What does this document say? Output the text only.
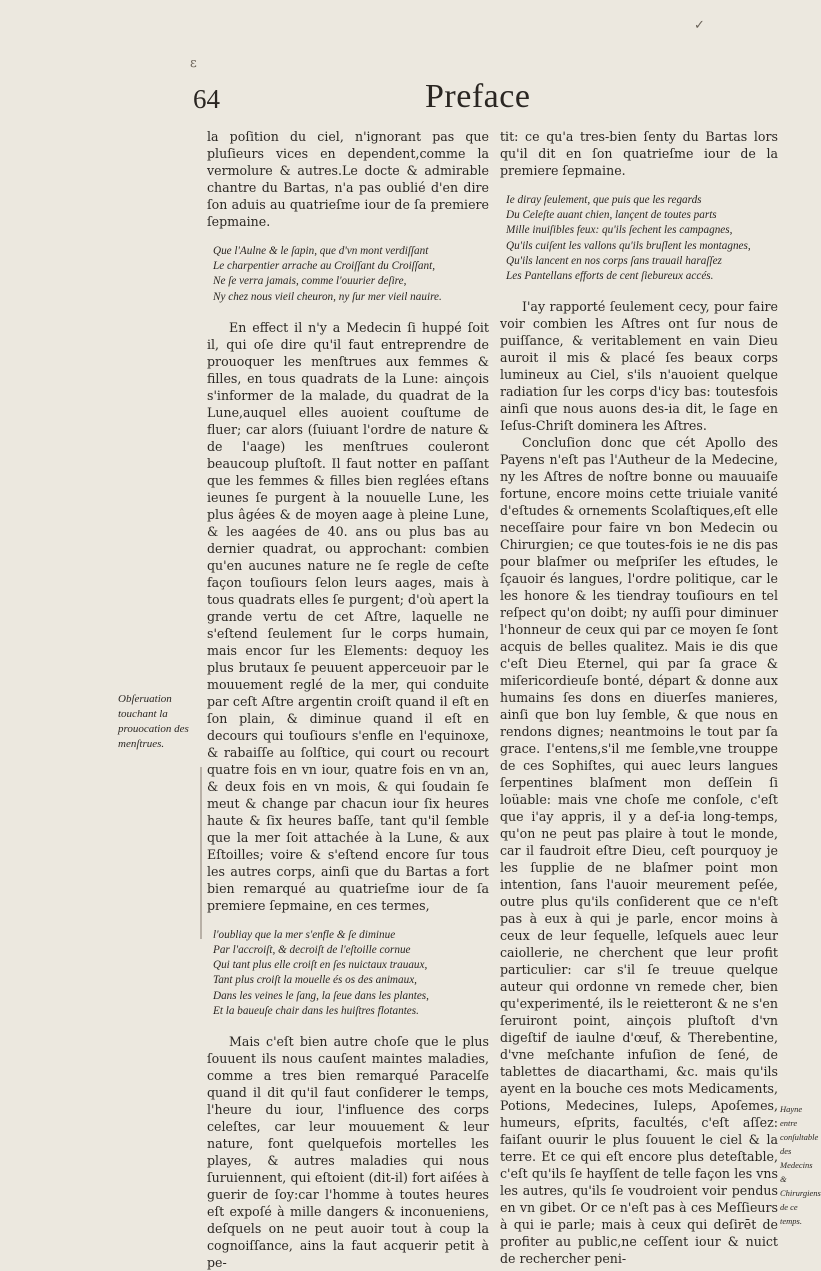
✓
ε
64	Preface

la poſition du ciel, n'ignorant pas que pluſieurs vices en dependent,comme la vermolure & autres.Le docte & admirable chantre du Bartas, n'a pas oublié d'en dire ſon aduis au quatrieſme iour de ſa premiere ſepmaine.

Que l'Aulne & le ſapin, que d'vn mont verdiſſant
Le charpentier arrache au Croiſſant du Croiſſant,
Ne ſe verra jamais, comme l'ouurier deſire,
Ny chez nous vieil cheuron, ny ſur mer vieil nauire.

En effect il n'y a Medecin ſi huppé ſoit il, qui oſe dire qu'il faut entreprendre de prouoquer les menſtrues aux femmes & filles, en tous quadrats de la Lune: ainçois s'informer de la malade, du quadrat de la Lune,auquel elles auoient couſtume de fluer; car alors (ſuiuant l'ordre de nature & de l'aage) les menſtrues couleront beaucoup pluſtoſt. Il faut notter en paſſant que les femmes & filles bien reglées eſtans ieunes ſe purgent à la nouuelle Lune, les plus âgées & de moyen aage à pleine Lune, & les aagées de 40. ans ou plus bas au dernier quadrat, ou approchant: combien qu'en aucunes nature ne ſe regle de ceſte façon touſiours ſelon leurs aages, mais à tous quadrats elles ſe purgent; d'où apert la grande vertu de cet Aſtre, laquelle ne s'eſtend ſeulement ſur le corps humain, mais encor ſur les Elements: dequoy les plus brutaux ſe peuuent apperceuoir par le mouuement reglé de la mer, qui conduite par ceſt Aſtre argentin croiſt quand il eſt en ſon plain, & diminue quand il eſt en decours qui touſiours s'enfle en l'equinoxe, & rabaiſſe au ſolſtice, qui court ou recourt quatre fois en vn iour, quatre fois en vn an, & deux fois en vn mois, & qui ſoudain ſe meut & change par chacun iour ſix heures haute & ſix heures baſſe, tant qu'il ſemble que la mer ſoit attachée à la Lune, & aux Eſtoilles; voire & s'eſtend encore ſur tous les autres corps, ainſi que du Bartas a fort bien remarqué au quatrieſme iour de ſa premiere ſepmaine, en ces termes,

l'oubliay que la mer s'enfle & ſe diminue
Par l'accroiſt, & decroiſt de l'eſtoille cornue
Qui tant plus elle croiſt en ſes nuictaux trauaux,
Tant plus croiſt la mouelle és os des animaux,
Dans les veines le ſang, la ſeue dans les plantes,
Et la baueuſe chair dans les huiſtres flotantes.

Mais c'eſt bien autre choſe que le plus ſouuent ils nous cauſent maintes maladies, comme a tres bien remarqué Paracelſe quand il dit qu'il faut conſiderer le temps, l'heure du iour, l'influence des corps celeſtes, car leur mouuement & leur nature, font quelquefois mortelles les playes, & autres maladies qui nous ſuruiennent, qui eſtoient (dit-il) fort aiſées à guerir de ſoy:car l'homme à toutes heures eſt expoſé à mille dangers & inconueniens, deſquels on ne peut auoir tout à coup la cognoiſſance, ains la faut acquerir petit à pe-

tit: ce qu'a tres-bien ſenty du Bartas lors qu'il dit en ſon quatrieſme iour de la premiere ſepmaine.

Ie diray ſeulement, que puis que les regards
Du Celeſte auant chien, lançent de toutes parts
Mille inuiſibles feux: qu'ils ſechent les campagnes,
Qu'ils cuiſent les vallons qu'ils bruſlent les montagnes,
Qu'ils lancent en nos corps ſans trauail haraſſez
Les Pantellans efforts de cent ſiebureux accés.

I'ay rapporté ſeulement cecy, pour faire voir combien les Aſtres ont ſur nous de puiſſance, & veritablement en vain Dieu auroit il mis & placé ſes beaux corps lumineux au Ciel, s'ils n'auoient quelque radiation ſur les corps d'icy bas: toutesfois ainſi que nous auons des-ia dit, le ſage en Ieſus-Chriſt dominera les Aſtres.

Concluſion donc que cét Apollo des Payens n'eſt pas l'Autheur de la Medecine, ny les Aſtres de noſtre bonne ou mauuaiſe fortune, encore moins cette triuiale vanité d'eſtudes & ornements Scolaſtiques,eſt elle neceſſaire pour faire vn bon Medecin ou Chirurgien; ce que toutes-fois ie ne dis pas pour blaſmer ou meſpriſer les eſtudes, le ſçauoir és langues, l'ordre politique, car le les honore & les tiendray touſiours en tel reſpect qu'on doibt; ny auſſi pour diminuer l'honneur de ceux qui par ce moyen ſe ſont acquis de belles qualitez. Mais ie dis que c'eſt Dieu Eternel, qui par ſa grace & miſericordieuſe bonté, départ & donne aux humains ſes dons en diuerſes manieres, ainſi que bon luy ſemble, & que nous en rendons dignes; neantmoins le tout par ſa grace. I'entens,s'il me ſemble,vne trouppe de ces Sophiſtes, qui auec leurs langues ſerpentines blaſment mon deſſein ſi loüable: mais vne choſe me conſole, c'eſt que i'ay appris, il y a deſ-ia long-temps, qu'on ne peut pas plaire à tout le monde, car il faudroit eſtre Dieu, ceſt pourquoy je les ſupplie de ne blaſmer point mon intention, ſans l'auoir meurement peſée, outre plus qu'ils conſiderent que ce n'eſt pas à eux à qui je parle, encor moins à ceux de leur ſequelle, leſquels auec leur caiollerie, ne cherchent que leur profit particulier: car s'il ſe treuue quelque auteur qui ordonne vn remede cher, bien qu'experimenté, ils le reietteront & ne s'en ſeruiront point, ainçois pluſtoſt d'vn digeſtif de iaulne d'œuf, & Therebentine, d'vne meſchante infuſion de ſené, de tablettes de diacarthami, &c. mais qu'ils ayent en la bouche ces mots Medicaments, Potions, Medecines, Iuleps, Apoſemes, humeurs, eſprits, facultés, c'eſt aſſez: faiſant ouurir le plus ſouuent le ciel & la terre. Et ce qui eſt encore plus deteſtable, c'eſt qu'ils ſe hayſſent de telle façon les vns les autres, qu'ils ſe voudroient voir pendus en vn gibet. Or ce n'eſt pas à ces Meſſieurs à qui ie parle; mais à ceux qui deſirēt de profiter au public,ne ceſſent iour & nuict de rechercher peni-

Obſeruation touchant la prouocation des menſtrues.
Hayne entre conſultable des Medecins & Chirurgiens de ce temps.
